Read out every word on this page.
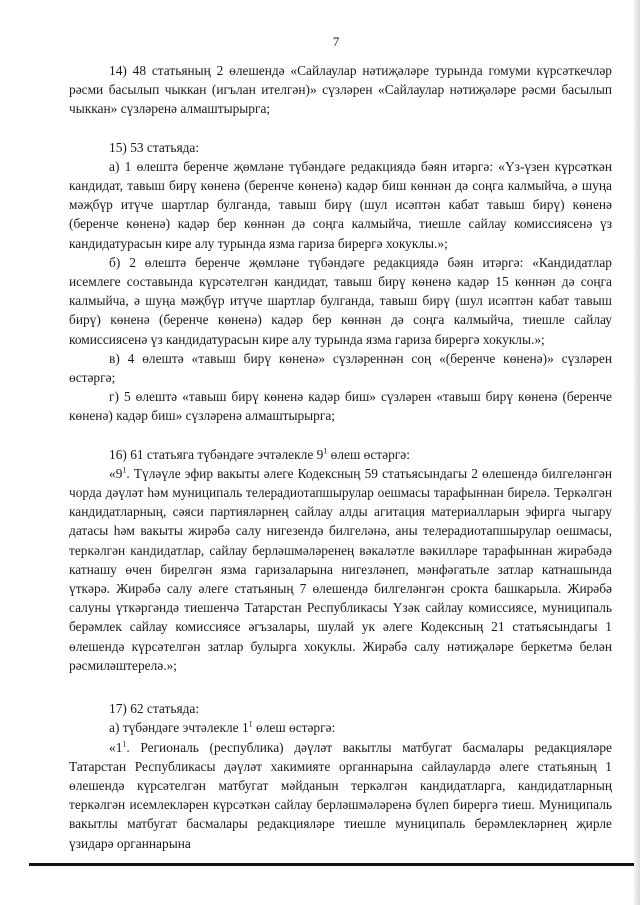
7

14) 48 статьяның 2 өлешендә «Сайлаулар нәтиҗәләре турында гомуми күрсәткечләр рәсми басылып чыккан (игълан ителгән)» сүзләрен «Сайлаулар нәтиҗәләре рәсми басылып чыккан» сүзләренә алмаштырырга;

15) 53 статьяда:

а) 1 өлештә беренче җөмләне түбәндәге редакциядә бәян итәргә: «Үз-үзен күрсәткән кандидат, тавыш бирү көненә (беренче көненә) кадәр биш көннән дә соңга калмыйча, ә шуңа мәҗбүр итүче шартлар булганда, тавыш бирү (шул исәптән кабат тавыш бирү) көненә (беренче көненә) кадәр бер көннән дә соңга калмыйча, тиешле сайлау комиссиясенә үз кандидатурасын кире алу турында язма гариза бирергә хокуклы.»;

б) 2 өлештә беренче җөмләне түбәндәге редакциядә бәян итәргә: «Кандидатлар исемлеге составында күрсәтелгән кандидат, тавыш бирү көненә кадәр 15 көннән дә соңга калмыйча, ә шуңа мәҗбүр итүче шартлар булганда, тавыш бирү (шул исәптән кабат тавыш бирү) көненә (беренче көненә) кадәр бер көннән дә соңга калмыйча, тиешле сайлау комиссиясенә үз кандидатурасын кире алу турында язма гариза бирергә хокуклы.»;

в) 4 өлештә «тавыш бирү көненә» сүзләреннән соң «(беренче көненә)» сүзләрен өстәргә;

г) 5 өлештә «тавыш бирү көненә кадәр биш» сүзләрен «тавыш бирү көненә (беренче көненә) кадәр биш» сүзләренә алмаштырырга;

16) 61 статьяга түбәндәге эчтәлекле $9^1$ өлеш өстәргә:

«$9^1$. Түләүле эфир вакыты әлеге Кодексның 59 статьясындагы 2 өлешендә билгеләнгән чорда дәүләт һәм муниципаль телерадиотапшырулар оешмасы тарафыннан бирелә. Теркәлгән кандидатларның, сәяси партияләрнең сайлау алды агитация материалларын эфирга чыгару датасы һәм вакыты жирәбә салу нигезендә билгеләнә, аны телерадиотапшырулар оешмасы, теркәлгән кандидатлар, сайлау берләшмәләренең вәкаләтле вәкилләре тарафыннан жирәбәдә катнашу өчен бирелгән язма гаризаларына нигезләнеп, мәнфәгатьле затлар катнашында үткәрә. Жирәбә салу әлеге статьяның 7 өлешендә билгеләнгән срокта башкарыла. Жирәбә салуны үткәргәндә тиешенчә Татарстан Республикасы Үзәк сайлау комиссиясе, муниципаль берәмлек сайлау комиссиясе әгъзалары, шулай ук әлеге Кодексның 21 статьясындагы 1 өлешендә күрсәтелгән затлар булырга хокуклы. Жирәбә салу нәтиҗәләре беркетмә белән рәсмиләштерелә.»;

17) 62 статьяда:

а) түбәндәге эчтәлекле $1^1$ өлеш өстәргә:

«$1^1$. Региональ (республика) дәүләт вакытлы матбугат басмалары редакцияләре Татарстан Республикасы дәүләт хакимияте органнарына сайлаулардә әлеге статьяның 1 өлешендә күрсәтелгән матбугат мәйданын теркәлгән кандидатларга, кандидатларның теркәлгән исемлекләрен күрсәткән сайлау берләшмәләренә бүлеп бирергә тиеш. Муниципаль вакытлы матбугат басмалары редакцияләре тиешле муниципаль берәмлекләрнең җирле үзидарә органнарына
